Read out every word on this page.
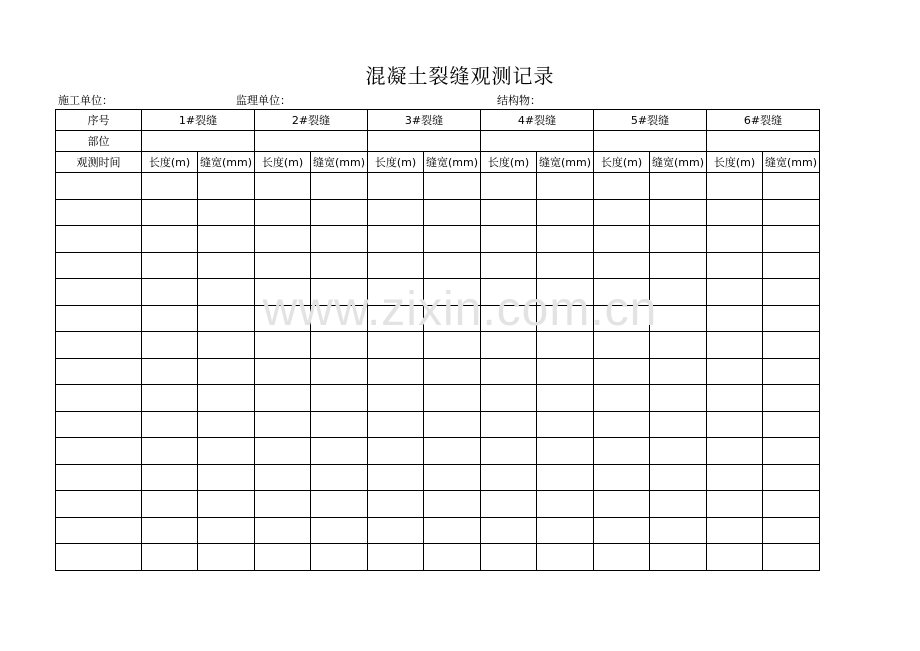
混凝土裂缝观测记录
施工单位：	监理单位：	结构物：
序号	1#裂缝		2#裂缝		3#裂缝		4#裂缝		5#裂缝		6#裂缝	
部位												
观测时间	长度(m)	缝宽(mm)	长度(m)	缝宽(mm)	长度(m)	缝宽(mm)	长度(m)	缝宽(mm)	长度(m)	缝宽(mm)	长度(m)	缝宽(mm)

www.zixin.com.cn
